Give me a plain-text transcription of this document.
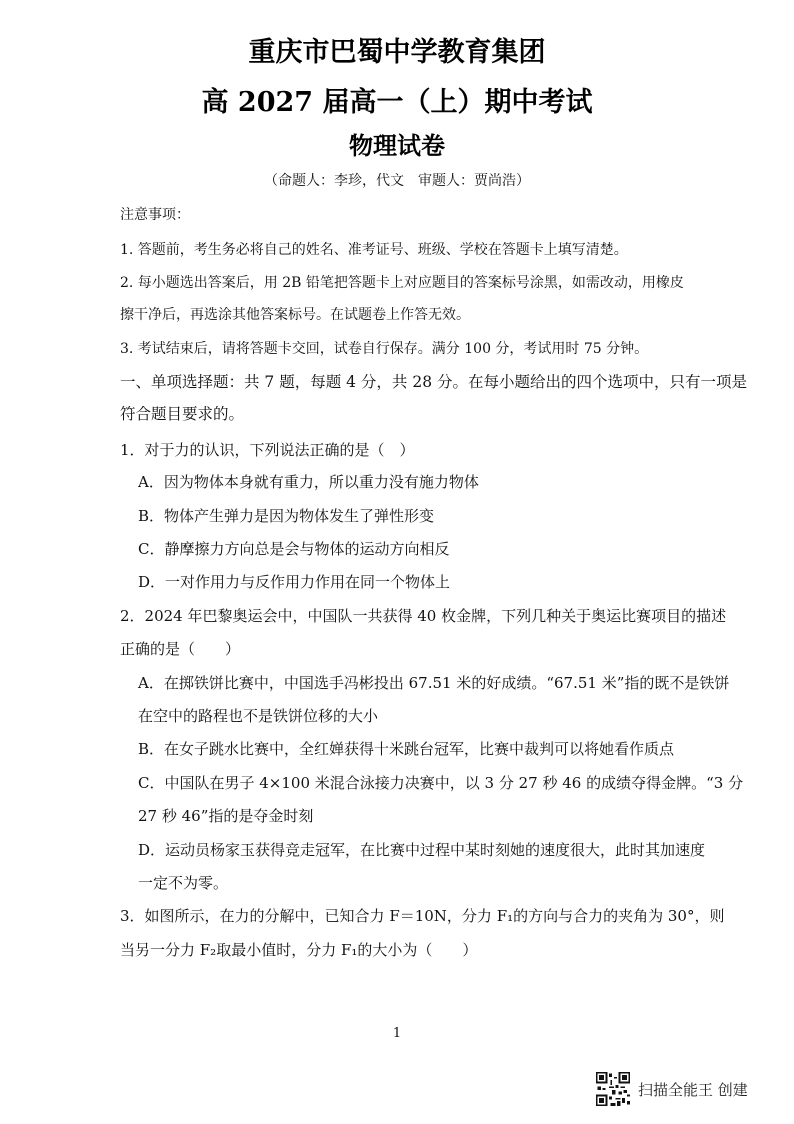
重庆市巴蜀中学教育集团
高 2027 届高一（上）期中考试
物理试卷
（命题人：李珍，代文　审题人：贾尚浩）
注意事项：
1. 答题前，考生务必将自己的姓名、准考证号、班级、学校在答题卡上填写清楚。
2. 每小题选出答案后，用 2B 铅笔把答题卡上对应题目的答案标号涂黑，如需改动，用橡皮
擦干净后，再选涂其他答案标号。在试题卷上作答无效。
3. 考试结束后，请将答题卡交回，试卷自行保存。满分 100 分，考试用时 75 分钟。
一、单项选择题：共 7 题，每题 4 分，共 28 分。在每小题给出的四个选项中，只有一项是
符合题目要求的。
1．对于力的认识，下列说法正确的是（　）
A．因为物体本身就有重力，所以重力没有施力物体
B．物体产生弹力是因为物体发生了弹性形变
C．静摩擦力方向总是会与物体的运动方向相反
D．一对作用力与反作用力作用在同一个物体上
2．2024 年巴黎奥运会中，中国队一共获得 40 枚金牌，下列几种关于奥运比赛项目的描述
正确的是（　　）
A．在掷铁饼比赛中，中国选手冯彬投出 67.51 米的好成绩。“67.51 米”指的既不是铁饼
在空中的路程也不是铁饼位移的大小
B．在女子跳水比赛中，全红婵获得十米跳台冠军，比赛中裁判可以将她看作质点
C．中国队在男子 4×100 米混合泳接力决赛中，以 3 分 27 秒 46 的成绩夺得金牌。“3 分
27 秒 46”指的是夺金时刻
D．运动员杨家玉获得竞走冠军，在比赛中过程中某时刻她的速度很大，此时其加速度
一定不为零。
3．如图所示，在力的分解中，已知合力 F＝10N，分力 F₁的方向与合力的夹角为 30°，则
当另一分力 F₂取最小值时，分力 F₁的大小为（　　）
1
扫描全能王 创建
